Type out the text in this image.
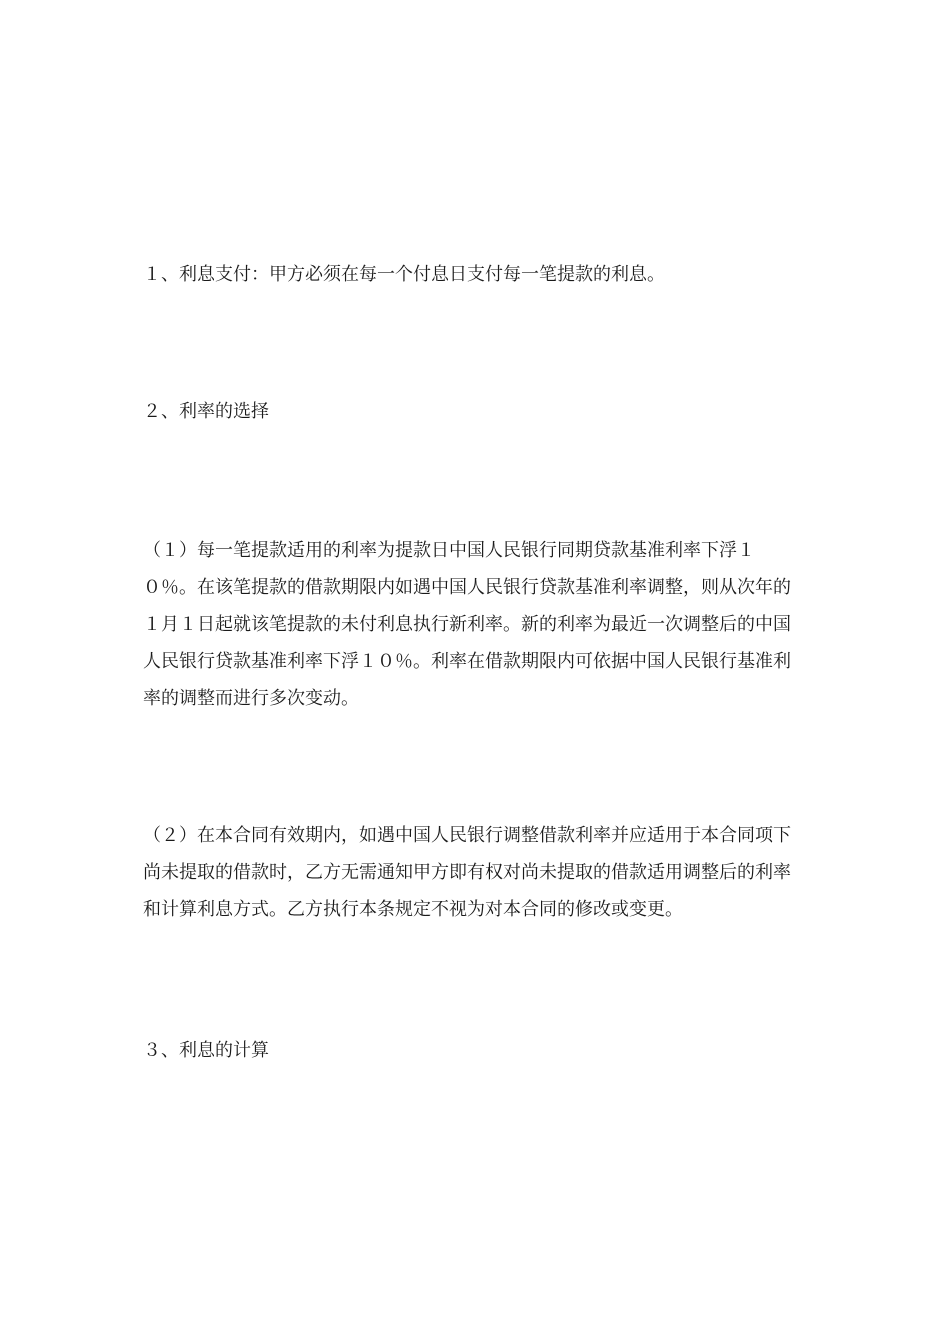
１、利息支付：甲方必须在每一个付息日支付每一笔提款的利息。

２、利率的选择

（１）每一笔提款适用的利率为提款日中国人民银行同期贷款基准利率下浮１０％。在该笔提款的借款期限内如遇中国人民银行贷款基准利率调整，则从次年的１月１日起就该笔提款的未付利息执行新利率。新的利率为最近一次调整后的中国人民银行贷款基准利率下浮１０％。利率在借款期限内可依据中国人民银行基准利率的调整而进行多次变动。

（２）在本合同有效期内，如遇中国人民银行调整借款利率并应适用于本合同项下尚未提取的借款时，乙方无需通知甲方即有权对尚未提取的借款适用调整后的利率和计算利息方式。乙方执行本条规定不视为对本合同的修改或变更。

３、利息的计算
